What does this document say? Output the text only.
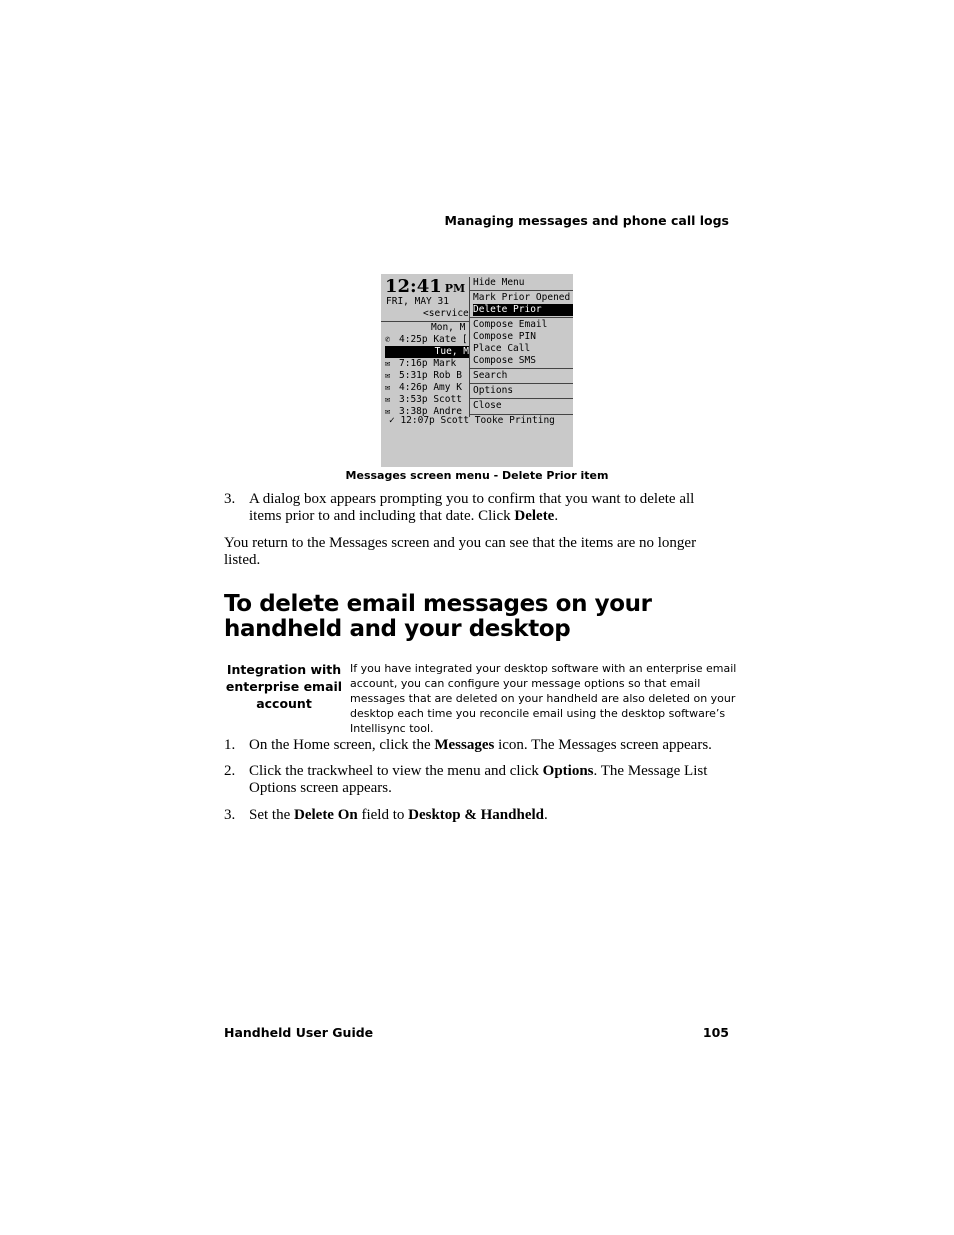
Managing messages and phone call logs
12:41 PM
FRI, MAY 31
<service
Mon, M
✆ 4:25p Kate [
Tue, M
✉ 7:16p Mark
✉ 5:31p Rob B
✉ 4:26p Amy K
✉ 3:53p Scott
✉ 3:38p Andre
Hide Menu
Mark Prior Opened
Delete Prior
Compose Email
Compose PIN
Place Call
Compose SMS
Search
Options
Close
✓ 12:07p Scott Tooke Printing
Messages screen menu - Delete Prior item
3. A dialog box appears prompting you to confirm that you want to delete all items prior to and including that date. Click Delete.
You return to the Messages screen and you can see that the items are no longer listed.
To delete email messages on your handheld and your desktop
Integration with enterprise email account
If you have integrated your desktop software with an enterprise email account, you can configure your message options so that email messages that are deleted on your handheld are also deleted on your desktop each time you reconcile email using the desktop software’s Intellisync tool.
1. On the Home screen, click the Messages icon. The Messages screen appears.
2. Click the trackwheel to view the menu and click Options. The Message List Options screen appears.
3. Set the Delete On field to Desktop & Handheld.
Handheld User Guide	105
